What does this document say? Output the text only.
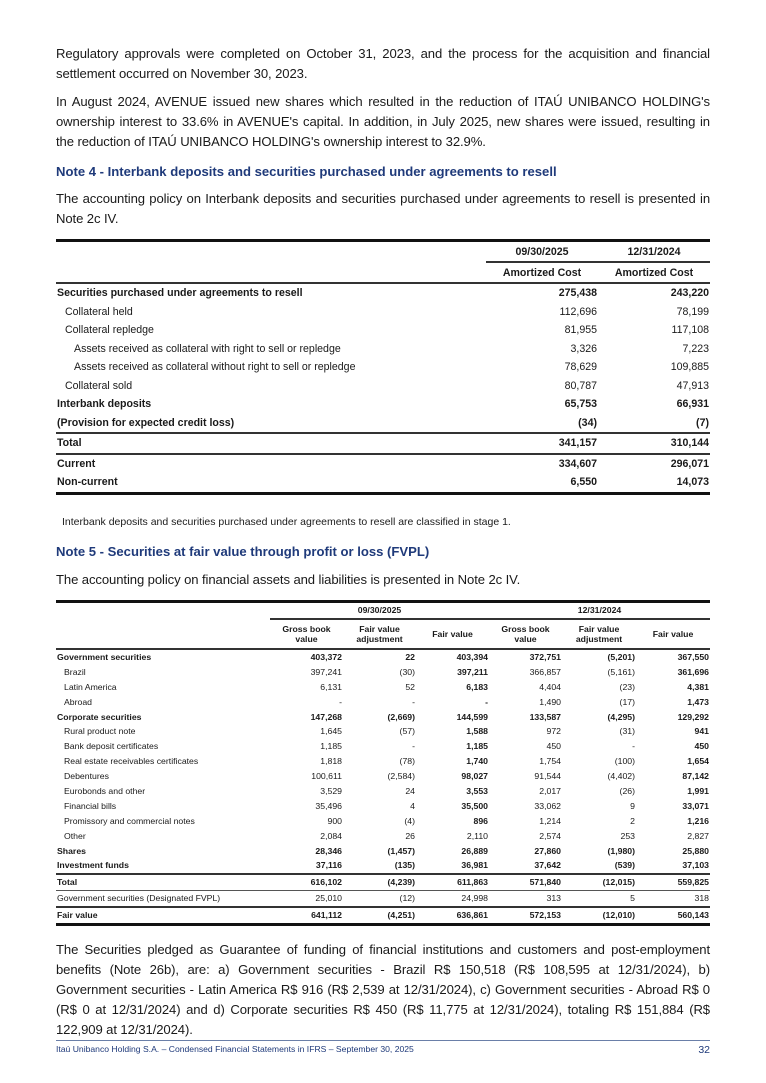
Regulatory approvals were completed on October 31, 2023, and the process for the acquisition and financial settlement occurred on November 30, 2023.

In August 2024, AVENUE issued new shares which resulted in the reduction of ITAÚ UNIBANCO HOLDING's ownership interest to 33.6% in AVENUE's capital. In addition, in July 2025, new shares were issued, resulting in the reduction of ITAÚ UNIBANCO HOLDING's ownership interest to 32.9%.

Note 4 - Interbank deposits and securities purchased under agreements to resell

The accounting policy on Interbank deposits and securities purchased under agreements to resell is presented in Note 2c IV.

	09/30/2025	12/31/2024
	Amortized Cost	Amortized Cost
Securities purchased under agreements to resell	275,438	243,220
Collateral held	112,696	78,199
Collateral repledge	81,955	117,108
Assets received as collateral with right to sell or repledge	3,326	7,223
Assets received as collateral without right to sell or repledge	78,629	109,885
Collateral sold	80,787	47,913
Interbank deposits	65,753	66,931
(Provision for expected credit loss)	(34)	(7)
Total	341,157	310,144
Current	334,607	296,071
Non-current	6,550	14,073

Interbank deposits and securities purchased under agreements to resell are classified in stage 1.

Note 5 - Securities at fair value through profit or loss (FVPL)

The accounting policy on financial assets and liabilities is presented in Note 2c IV.

	09/30/2025			12/31/2024		
	Gross book value	Fair value adjustment	Fair value	Gross book value	Fair value adjustment	Fair value
Government securities	403,372	22	403,394	372,751	(5,201)	367,550
Brazil	397,241	(30)	397,211	366,857	(5,161)	361,696
Latin America	6,131	52	6,183	4,404	(23)	4,381
Abroad	-	-	-	1,490	(17)	1,473
Corporate securities	147,268	(2,669)	144,599	133,587	(4,295)	129,292
Rural product note	1,645	(57)	1,588	972	(31)	941
Bank deposit certificates	1,185	-	1,185	450	-	450
Real estate receivables certificates	1,818	(78)	1,740	1,754	(100)	1,654
Debentures	100,611	(2,584)	98,027	91,544	(4,402)	87,142
Eurobonds and other	3,529	24	3,553	2,017	(26)	1,991
Financial bills	35,496	4	35,500	33,062	9	33,071
Promissory and commercial notes	900	(4)	896	1,214	2	1,216
Other	2,084	26	2,110	2,574	253	2,827
Shares	28,346	(1,457)	26,889	27,860	(1,980)	25,880
Investment funds	37,116	(135)	36,981	37,642	(539)	37,103
Total	616,102	(4,239)	611,863	571,840	(12,015)	559,825
Government securities (Designated FVPL)	25,010	(12)	24,998	313	5	318
Fair value	641,112	(4,251)	636,861	572,153	(12,010)	560,143

The Securities pledged as Guarantee of funding of financial institutions and customers and post-employment benefits (Note 26b), are: a) Government securities - Brazil R$ 150,518 (R$ 108,595 at 12/31/2024), b) Government securities - Latin America R$ 916 (R$ 2,539 at 12/31/2024), c) Government securities - Abroad R$ 0 (R$ 0 at 12/31/2024) and d) Corporate securities R$ 450 (R$ 11,775 at 12/31/2024), totaling R$ 151,884 (R$ 122,909 at 12/31/2024).

Itaú Unibanco Holding S.A. – Condensed Financial Statements in IFRS – September 30, 2025	32
